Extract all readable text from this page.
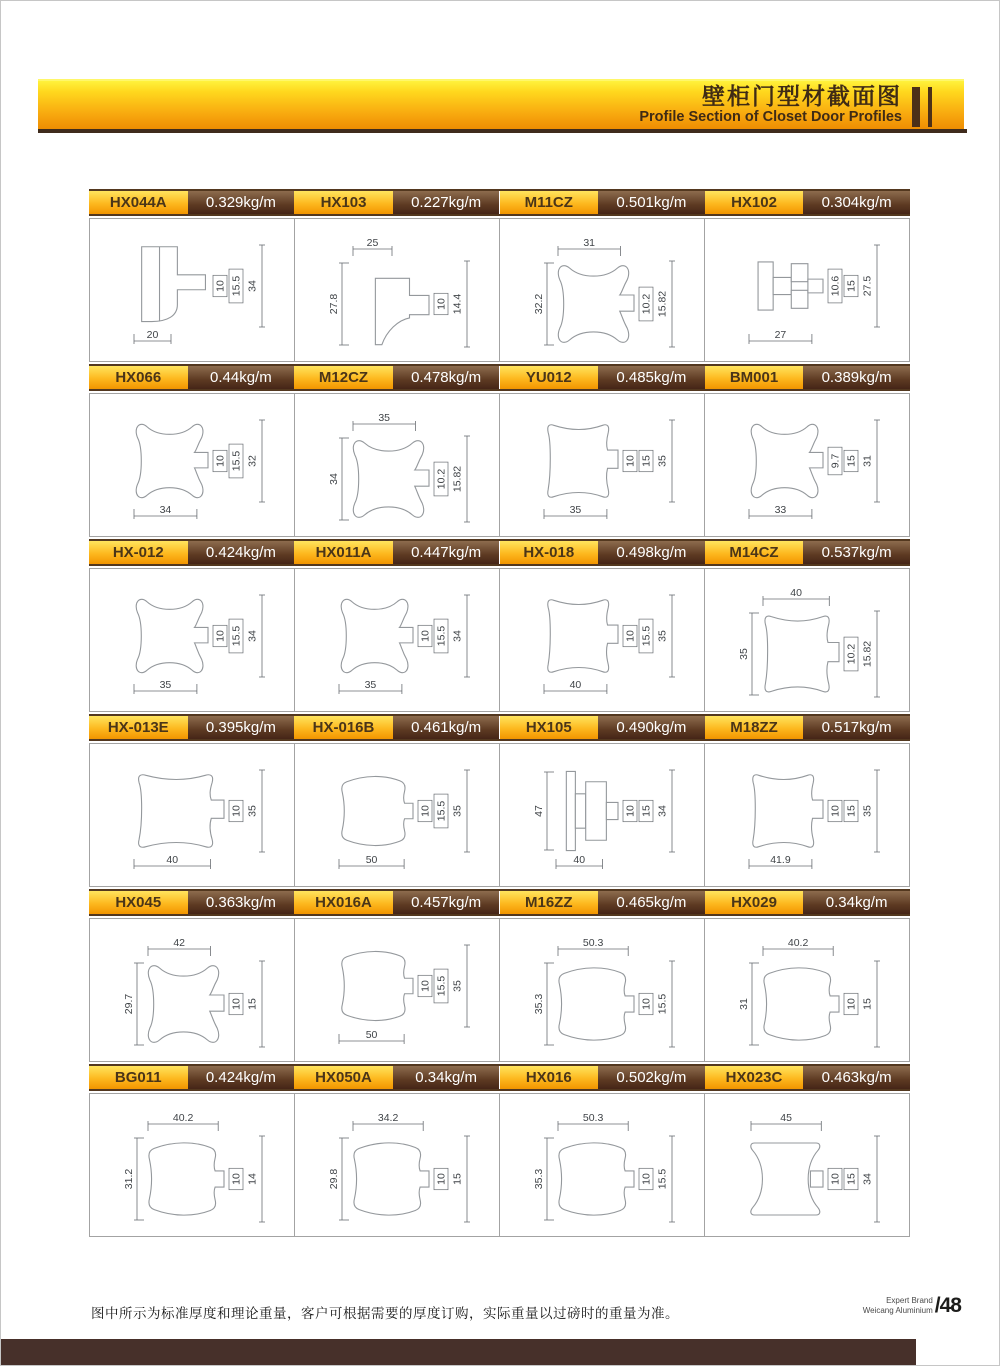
壁柜门型材截面图
Profile Section of Closet Door Profiles
HX044A	0.329kg/m	HX103	0.227kg/m	M11CZ	0.501kg/m	HX102	0.304kg/m
20
10 15.5 34
25
27.8	10 14.4
31
32.2	10.2 15.82
27
10.6 15 27.5
HX066	0.44kg/m	M12CZ	0.478kg/m	YU012	0.485kg/m	BM001	0.389kg/m
34
10 15.5 32
35
34	10.2 15.82
35
10 15 35
33
9.7 15 31
HX-012	0.424kg/m	HX011A	0.447kg/m	HX-018	0.498kg/m	M14CZ	0.537kg/m
35
10 15.5 34
35
10 15.5 34
40
10 15.5 35
40
35	10.2 15.82
HX-013E	0.395kg/m	HX-016B	0.461kg/m	HX105	0.490kg/m	M18ZZ	0.517kg/m
40
10 35
50
10 15.5 35	47
40
10 15 34
41.9
10 15 35
HX045	0.363kg/m	HX016A	0.457kg/m	M16ZZ	0.465kg/m	HX029	0.34kg/m
42
29.7	10 15
50
10 15.5 35
50.3
35.3	10 15.5
40.2
31	10 15
BG011	0.424kg/m	HX050A	0.34kg/m	HX016	0.502kg/m	HX023C	0.463kg/m
40.2
31.2	10 14
34.2
29.8	10 15
50.3
35.3	10 15.5
45
10 15 34
图中所示为标准厚度和理论重量，客户可根据需要的厚度订购，实际重量以过磅时的重量为准。
Expert Brand
Weicang Aluminium /48
